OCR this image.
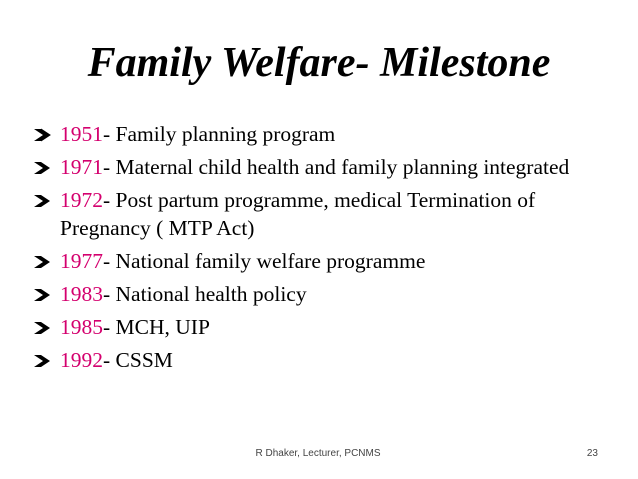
Family Welfare- Milestone
1951- Family planning program
1971- Maternal child health and family planning integrated
1972- Post partum programme, medical Termination of Pregnancy ( MTP Act)
1977- National family welfare programme
1983- National health policy
1985- MCH, UIP
1992- CSSM
R Dhaker, Lecturer, PCNMS	23
